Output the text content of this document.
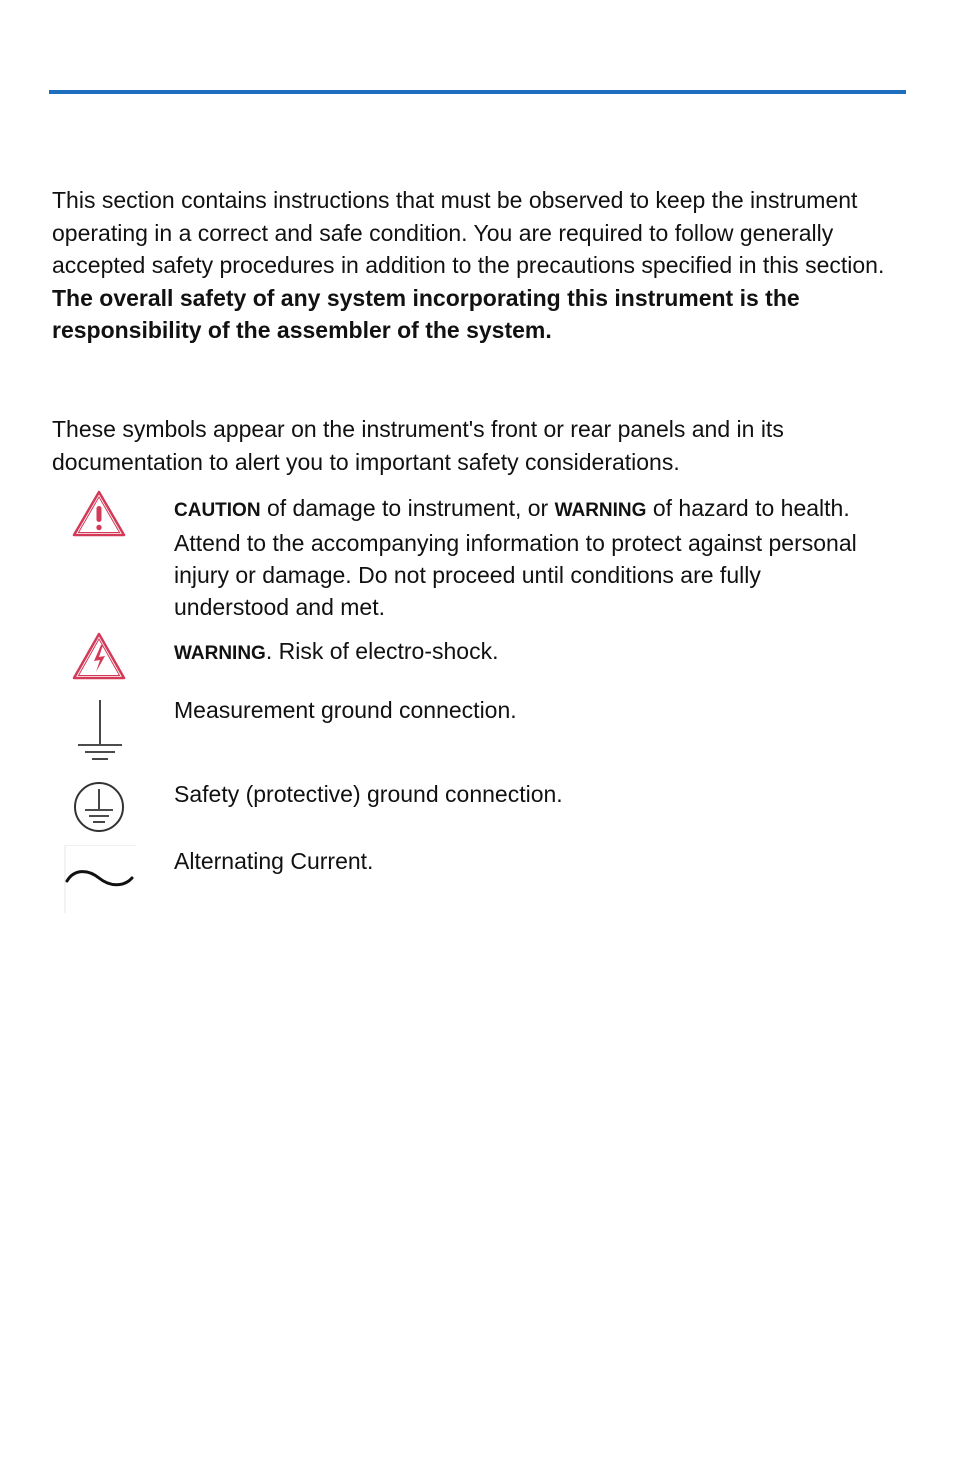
This section contains instructions that must be observed to keep the instrument operating in a correct and safe condition. You are required to follow generally accepted safety procedures in addition to the precautions specified in this section. The overall safety of any system incorporating this instrument is the responsibility of the assembler of the system.

These symbols appear on the instrument's front or rear panels and in its documentation to alert you to important safety considerations.

CAUTION of damage to instrument, or WARNING of hazard to health. Attend to the accompanying information to protect against personal injury or damage. Do not proceed until conditions are fully understood and met.
WARNING. Risk of electro-shock.
Measurement ground connection.
Safety (protective) ground connection.
Alternating Current.
